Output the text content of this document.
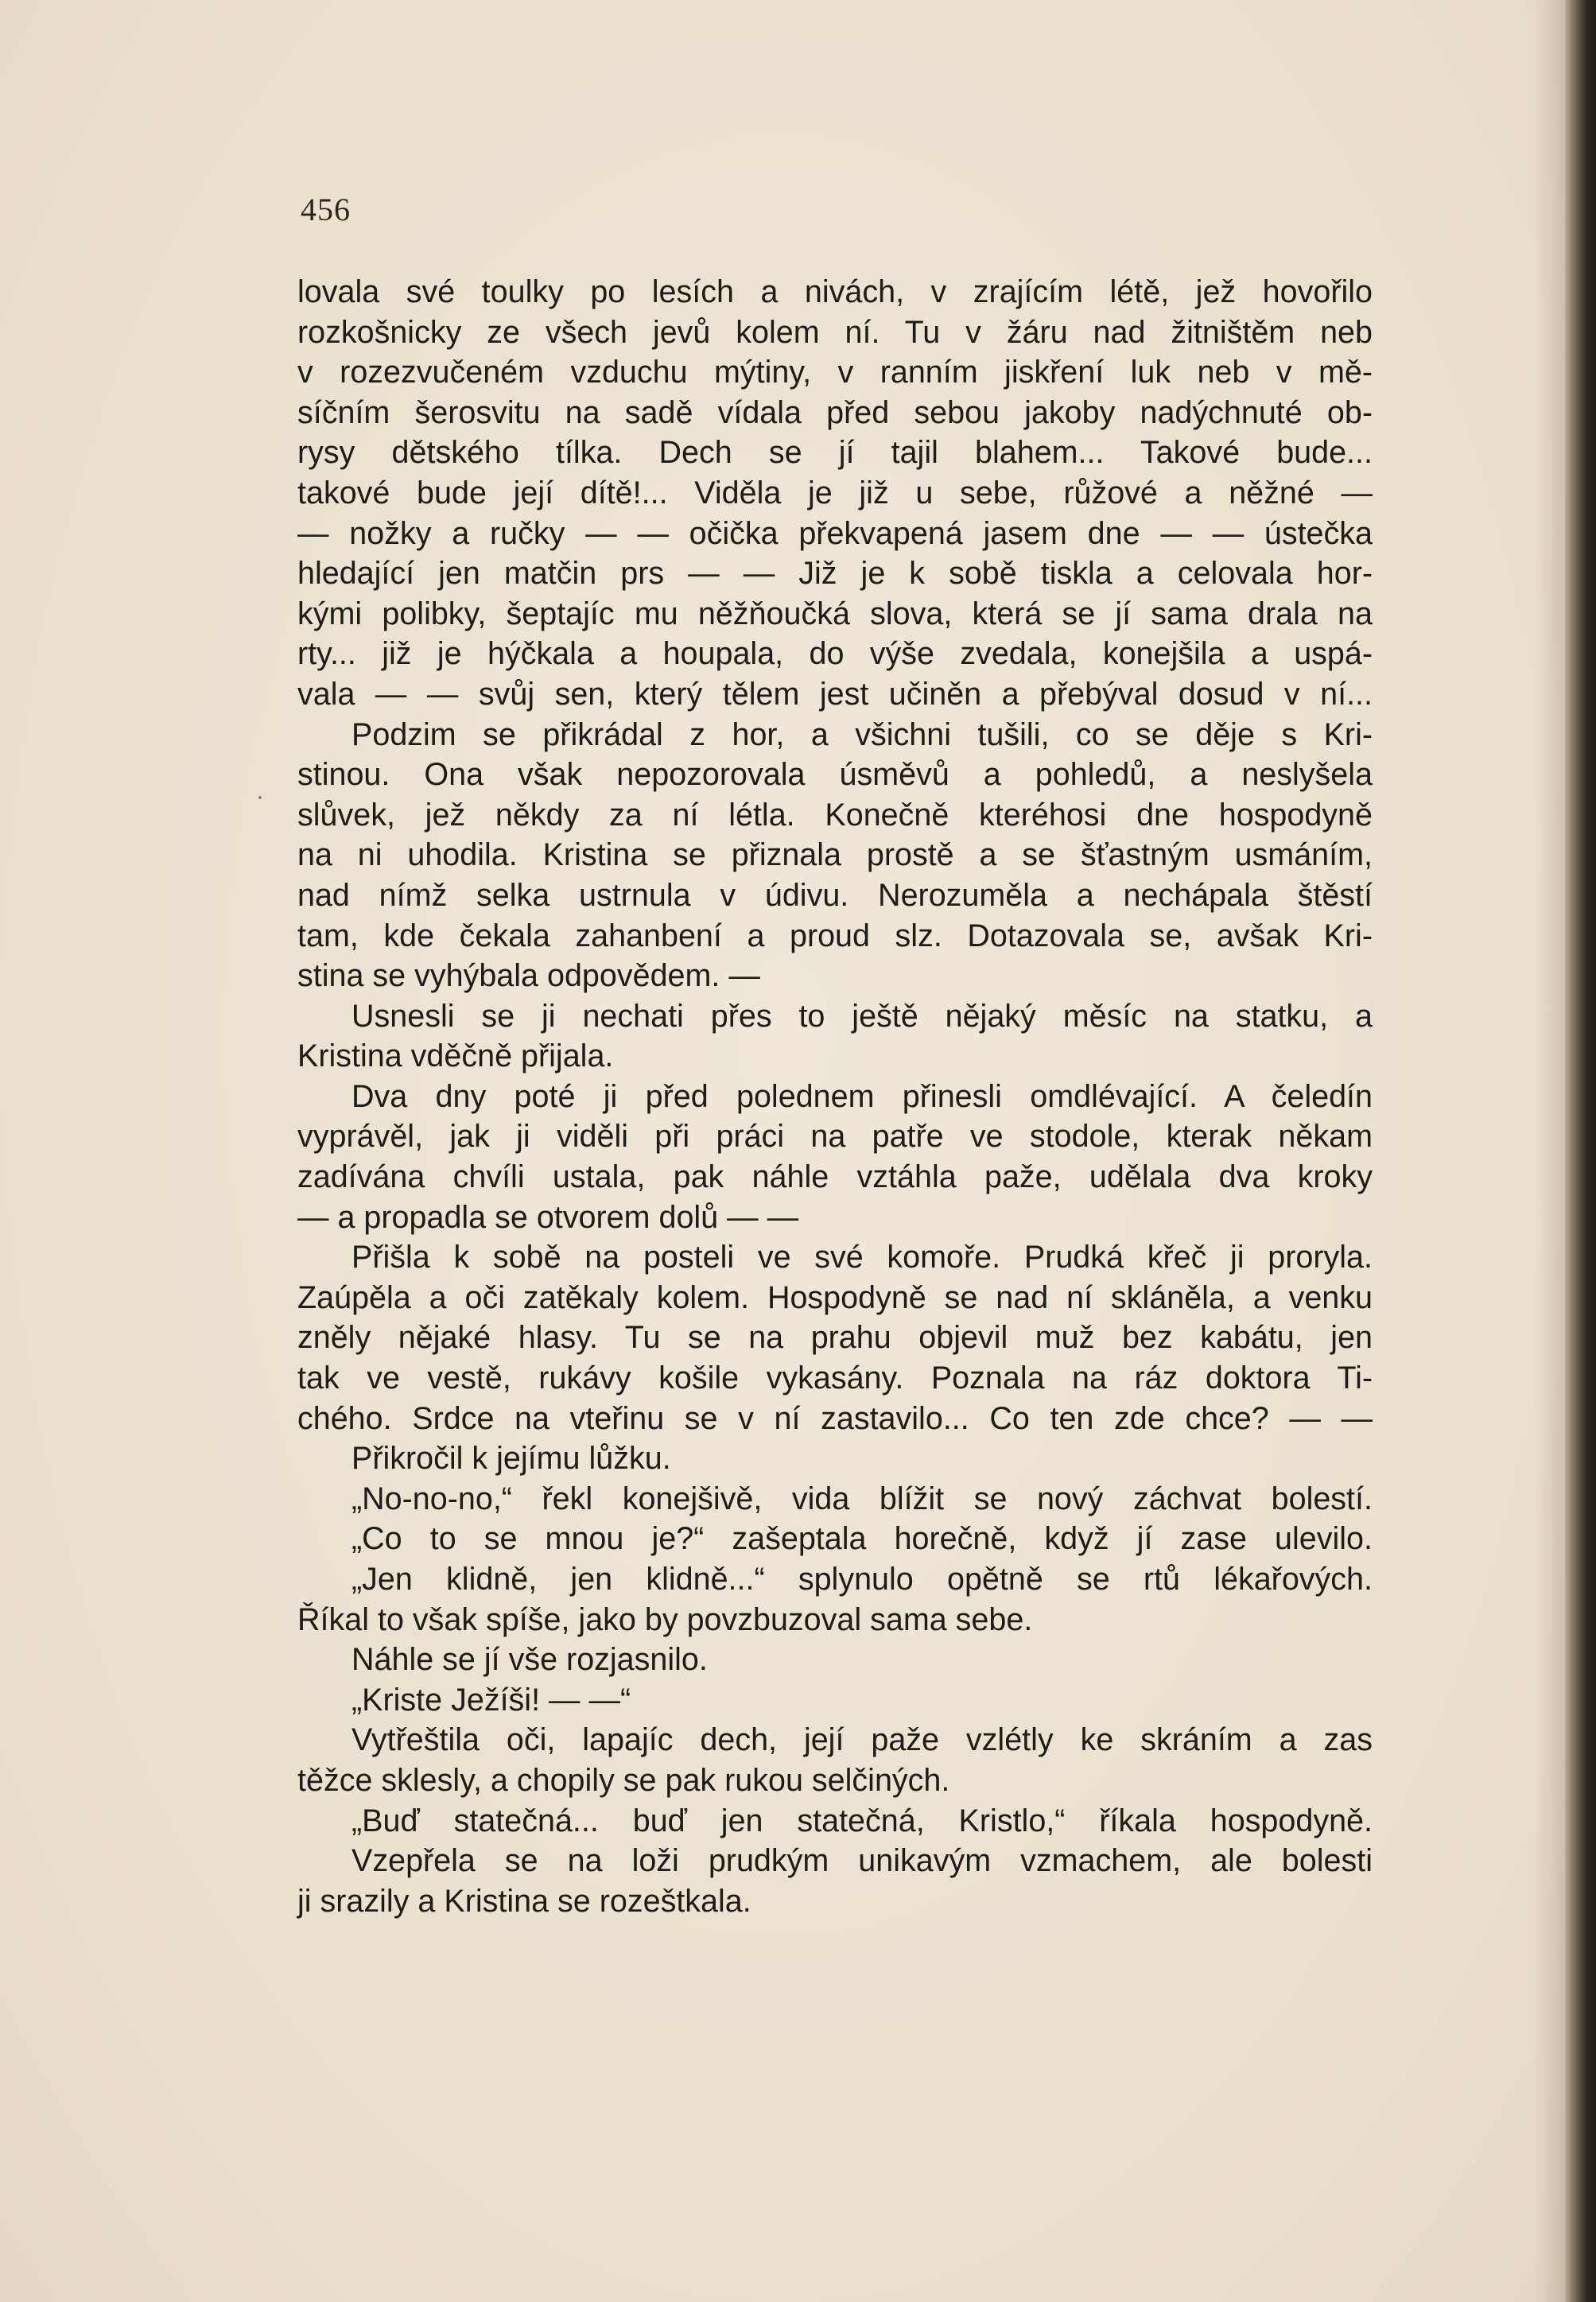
456

lovala své toulky po lesích a nivách, v zrajícím létě, jež hovořilo

rozkošnicky ze všech jevů kolem ní. Tu v žáru nad žitništěm neb

v rozezvučeném vzduchu mýtiny, v ranním jiskření luk neb v mě-

síčním šerosvitu na sadě vídala před sebou jakoby nadýchnuté ob-

rysy dětského tílka. Dech se jí tajil blahem... Takové bude...

takové bude její dítě!... Viděla je již u sebe, růžové a něžné —

— nožky a ručky — — očička překvapená jasem dne — — ústečka

hledající jen matčin prs — — Již je k sobě tiskla a celovala hor-

kými polibky, šeptajíc mu něžňoučká slova, která se jí sama drala na

rty... již je hýčkala a houpala, do výše zvedala, konejšila a uspá-

vala — — svůj sen, který tělem jest učiněn a přebýval dosud v ní...

Podzim se přikrádal z hor, a všichni tušili, co se děje s Kri-

stinou. Ona však nepozorovala úsměvů a pohledů, a neslyšela

slůvek, jež někdy za ní létla. Konečně kteréhosi dne hospodyně

na ni uhodila. Kristina se přiznala prostě a se šťastným usmáním,

nad nímž selka ustrnula v údivu. Nerozuměla a nechápala štěstí

tam, kde čekala zahanbení a proud slz. Dotazovala se, avšak Kri-

stina se vyhýbala odpovědem. —

Usnesli se ji nechati přes to ještě nějaký měsíc na statku, a

Kristina vděčně přijala.

Dva dny poté ji před polednem přinesli omdlévající. A čeledín

vyprávěl, jak ji viděli při práci na patře ve stodole, kterak někam

zadívána chvíli ustala, pak náhle vztáhla paže, udělala dva kroky

— a propadla se otvorem dolů — —

Přišla k sobě na posteli ve své komoře. Prudká křeč ji proryla.

Zaúpěla a oči zatěkaly kolem. Hospodyně se nad ní skláněla, a venku

zněly nějaké hlasy. Tu se na prahu objevil muž bez kabátu, jen

tak ve vestě, rukávy košile vykasány. Poznala na ráz doktora Ti-

chého. Srdce na vteřinu se v ní zastavilo... Co ten zde chce? — —

Přikročil k jejímu lůžku.

„No-no-no,“ řekl konejšivě, vida blížit se nový záchvat bolestí.

„Co to se mnou je?“ zašeptala horečně, když jí zase ulevilo.

„Jen klidně, jen klidně...“ splynulo opětně se rtů lékařových.

Říkal to však spíše, jako by povzbuzoval sama sebe.

Náhle se jí vše rozjasnilo.

„Kriste Ježíši! — —“

Vytřeštila oči, lapajíc dech, její paže vzlétly ke skráním a zas

těžce sklesly, a chopily se pak rukou selčiných.

„Buď statečná... buď jen statečná, Kristlo,“ říkala hospodyně.

Vzepřela se na loži prudkým unikavým vzmachem, ale bolesti

ji srazily a Kristina se rozeštkala.

·
